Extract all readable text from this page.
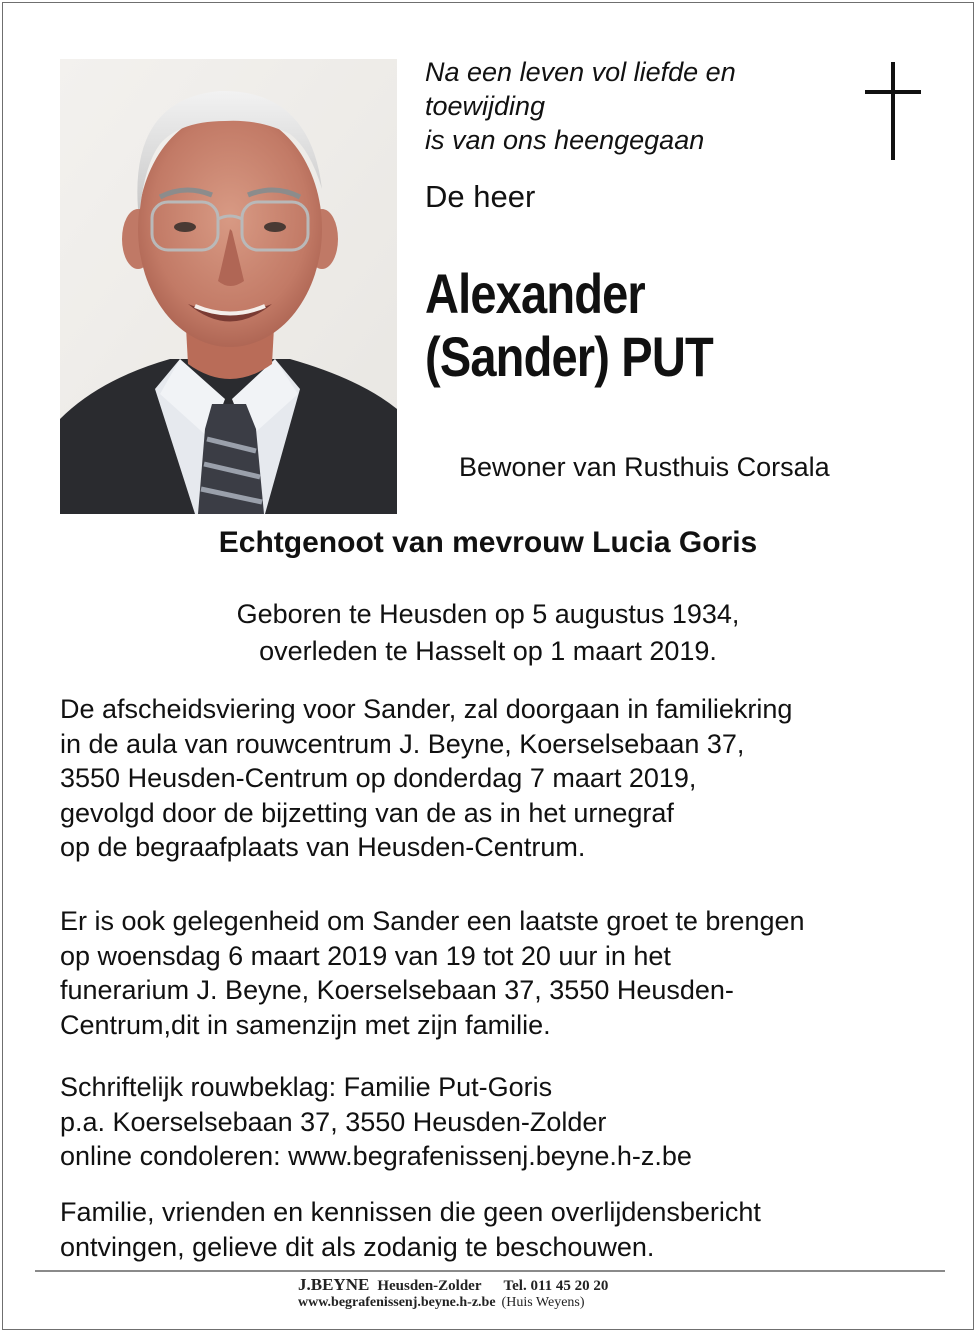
Na een leven vol liefde en
toewijding
is van ons heengegaan
De heer
Alexander
(Sander) PUT
Bewoner van Rusthuis Corsala
Echtgenoot van mevrouw Lucia Goris
Geboren te Heusden op 5 augustus 1934,
overleden te Hasselt op 1 maart 2019.
De afscheidsviering voor Sander, zal doorgaan in familiekring
in de aula van rouwcentrum J. Beyne, Koerselsebaan 37,
3550 Heusden-Centrum op donderdag 7 maart 2019,
gevolgd door de bijzetting van de as in het urnegraf
op de begraafplaats van Heusden-Centrum.
Er is ook gelegenheid om Sander een laatste groet te brengen
op woensdag 6 maart 2019 van 19 tot 20 uur in het
funerarium J. Beyne, Koerselsebaan 37, 3550 Heusden-
Centrum,dit in samenzijn met zijn familie.
Schriftelijk rouwbeklag: Familie Put-Goris
p.a. Koerselsebaan 37, 3550 Heusden-Zolder
online condoleren: www.begrafenissenj.beyne.h-z.be
Familie, vrienden en kennissen die geen overlijdensbericht
ontvingen, gelieve dit als zodanig te beschouwen.
J.BEYNE Heusden-Zolder Tel. 011 45 20 20
www.begrafenissenj.beyne.h-z.be (Huis Weyens)
